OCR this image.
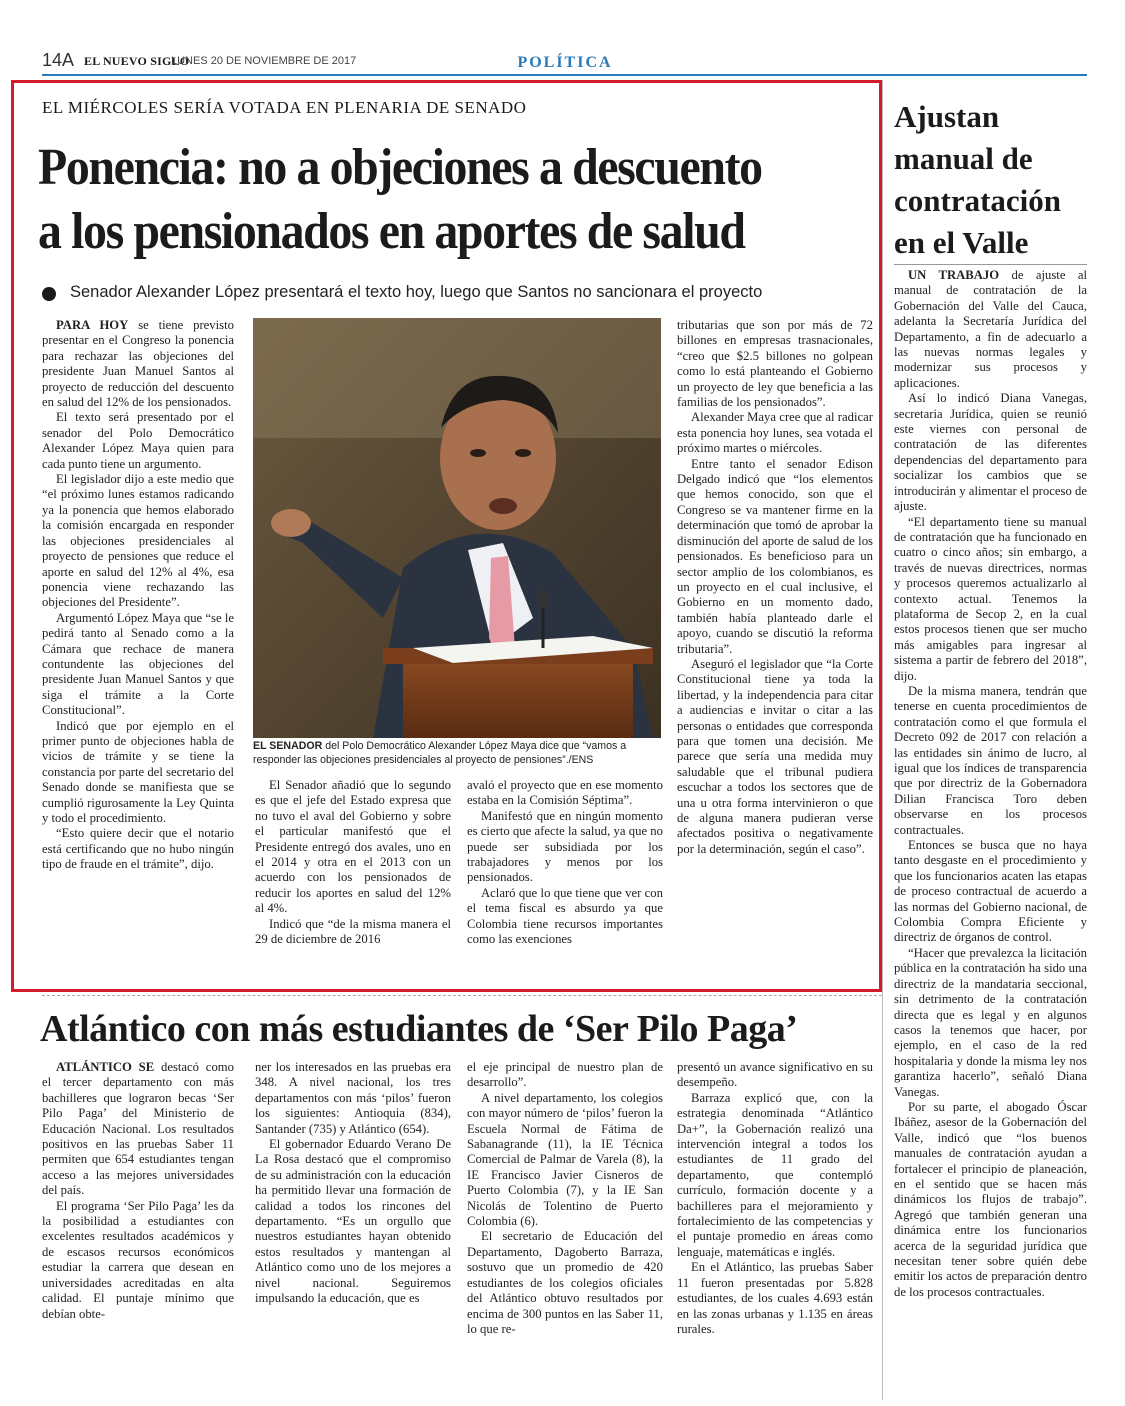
14A EL NUEVO SIGLO
LUNES 20 DE NOVIEMBRE DE 2017	POLÍTICA
EL MIÉRCOLES SERÍA VOTADA EN PLENARIA DE SENADO
Ponencia: no a objeciones a descuento
a los pensionados en aportes de salud
Senador Alexander López presentará el texto hoy, luego que Santos no sancionara el proyecto

PARA HOY se tiene previsto presentar en el Congreso la ponencia para rechazar las objeciones del presidente Juan Manuel Santos al proyecto de reducción del descuento en salud del 12% de los pensionados.

El texto será presentado por el senador del Polo Democrático Alexander López Maya quien para cada punto tiene un argumento.

El legislador dijo a este medio que “el próximo lunes estamos radicando ya la ponencia que hemos elaborado la comisión encargada en responder las objeciones presidenciales al proyecto de pensiones que reduce el aporte en salud del 12% al 4%, esa ponencia viene rechazando las objeciones del Presidente”.

Argumentó López Maya que “se le pedirá tanto al Senado como a la Cámara que rechace de manera contundente las objeciones del presidente Juan Manuel Santos y que siga el trámite a la Corte Constitucional”.

Indicó que por ejemplo en el primer punto de objeciones habla de vicios de trámite y se tiene la constancia por parte del secretario del Senado donde se manifiesta que se cumplió rigurosamente la Ley Quinta y todo el procedimiento.

“Esto quiere decir que el notario está certificando que no hubo ningún tipo de fraude en el trámite”, dijo.

EL SENADOR del Polo Democrático Alexander López Maya dice que “vamos a responder las objeciones presidenciales al proyecto de pensiones”./ENS

El Senador añadió que lo segundo es que el jefe del Estado expresa que no tuvo el aval del Gobierno y sobre el particular manifestó que el Presidente entregó dos avales, uno en el 2014 y otra en el 2013 con un acuerdo con los pensionados de reducir los aportes en salud del 12% al 4%.

Indicó que “de la misma manera el 29 de diciembre de 2016

avaló el proyecto que en ese momento estaba en la Comisión Séptima”.

Manifestó que en ningún momento es cierto que afecte la salud, ya que no puede ser subsidiada por los trabajadores y menos por los pensionados.

Aclaró que lo que tiene que ver con el tema fiscal es absurdo ya que Colombia tiene recursos importantes como las exenciones

tributarias que son por más de 72 billones en empresas trasnacionales, “creo que $2.5 billones no golpean como lo está planteando el Gobierno un proyecto de ley que beneficia a las familias de los pensionados”.

Alexander Maya cree que al radicar esta ponencia hoy lunes, sea votada el próximo martes o miércoles.

Entre tanto el senador Edison Delgado indicó que “los elementos que hemos conocido, son que el Congreso se va mantener firme en la determinación que tomó de aprobar la disminución del aporte de salud de los pensionados. Es beneficioso para un sector amplio de los colombianos, es un proyecto en el cual inclusive, el Gobierno en un momento dado, también había planteado darle el apoyo, cuando se discutió la reforma tributaria”.

Aseguró el legislador que “la Corte Constitucional tiene ya toda la libertad, y la independencia para citar a audiencias e invitar o citar a las personas o entidades que corresponda para que tomen una decisión. Me parece que sería una medida muy saludable que el tribunal pudiera escuchar a todos los sectores que de una u otra forma intervinieron o que de alguna manera pudieran verse afectados positiva o negativamente por la determinación, según el caso”.

Ajustan
manual de
contratación
en el Valle

UN TRABAJO de ajuste al manual de contratación de la Gobernación del Valle del Cauca, adelanta la Secretaría Jurídica del Departamento, a fin de adecuarlo a las nuevas normas legales y modernizar sus procesos y aplicaciones.

Así lo indicó Diana Vanegas, secretaria Jurídica, quien se reunió este viernes con personal de contratación de las diferentes dependencias del departamento para socializar los cambios que se introducirán y alimentar el proceso de ajuste.

“El departamento tiene su manual de contratación que ha funcionado en cuatro o cinco años; sin embargo, a través de nuevas directrices, normas y procesos queremos actualizarlo al contexto actual. Tenemos la plataforma de Secop 2, en la cual estos procesos tienen que ser mucho más amigables para ingresar al sistema a partir de febrero del 2018”, dijo.

De la misma manera, tendrán que tenerse en cuenta procedimientos de contratación como el que formula el Decreto 092 de 2017 con relación a las entidades sin ánimo de lucro, al igual que los índices de transparencia que por directriz de la Gobernadora Dilian Francisca Toro deben observarse en los procesos contractuales.

Entonces se busca que no haya tanto desgaste en el procedimiento y que los funcionarios acaten las etapas de proceso contractual de acuerdo a las normas del Gobierno nacional, de Colombia Compra Eficiente y directriz de órganos de control.

“Hacer que prevalezca la licitación pública en la contratación ha sido una directriz de la mandataria seccional, sin detrimento de la contratación directa que es legal y en algunos casos la tenemos que hacer, por ejemplo, en el caso de la red hospitalaria y donde la misma ley nos garantiza hacerlo”, señaló Diana Vanegas.

Por su parte, el abogado Óscar Ibáñez, asesor de la Gobernación del Valle, indicó que “los buenos manuales de contratación ayudan a fortalecer el principio de planeación, en el sentido que se hacen más dinámicos los flujos de trabajo”. Agregó que también generan una dinámica entre los funcionarios acerca de la seguridad jurídica que necesitan tener sobre quién debe emitir los actos de preparación dentro de los procesos contractuales.

Atlántico con más estudiantes de ‘Ser Pilo Paga’

ATLÁNTICO SE destacó como el tercer departamento con más bachilleres que lograron becas ‘Ser Pilo Paga’ del Ministerio de Educación Nacional. Los resultados positivos en las pruebas Saber 11 permiten que 654 estudiantes tengan acceso a las mejores universidades del país.

El programa ‘Ser Pilo Paga’ les da la posibilidad a estudiantes con excelentes resultados académicos y de escasos recursos económicos estudiar la carrera que desean en universidades acreditadas en alta calidad. El puntaje mínimo que debían obte-

ner los interesados en las pruebas era 348. A nivel nacional, los tres departamentos con más ‘pilos’ fueron los siguientes: Antioquia (834), Santander (735) y Atlántico (654).

El gobernador Eduardo Verano De La Rosa destacó que el compromiso de su administración con la educación ha permitido llevar una formación de calidad a todos los rincones del departamento. “Es un orgullo que nuestros estudiantes hayan obtenido estos resultados y mantengan al Atlántico como uno de los mejores a nivel nacional. Seguiremos impulsando la educación, que es

el eje principal de nuestro plan de desarrollo”.

A nivel departamento, los colegios con mayor número de ‘pilos’ fueron la Escuela Normal de Fátima de Sabanagrande (11), la IE Técnica Comercial de Palmar de Varela (8), la IE Francisco Javier Cisneros de Puerto Colombia (7), y la IE San Nicolás de Tolentino de Puerto Colombia (6).

El secretario de Educación del Departamento, Dagoberto Barraza, sostuvo que un promedio de 420 estudiantes de los colegios oficiales del Atlántico obtuvo resultados por encima de 300 puntos en las Saber 11, lo que re-

presentó un avance significativo en su desempeño.

Barraza explicó que, con la estrategia denominada “Atlántico Da+”, la Gobernación realizó una intervención integral a todos los estudiantes de 11 grado del departamento, que contempló currículo, formación docente y a bachilleres para el mejoramiento y fortalecimiento de las competencias y el puntaje promedio en áreas como lenguaje, matemáticas e inglés.

En el Atlántico, las pruebas Saber 11 fueron presentadas por 5.828 estudiantes, de los cuales 4.693 están en las zonas urbanas y 1.135 en áreas rurales.
